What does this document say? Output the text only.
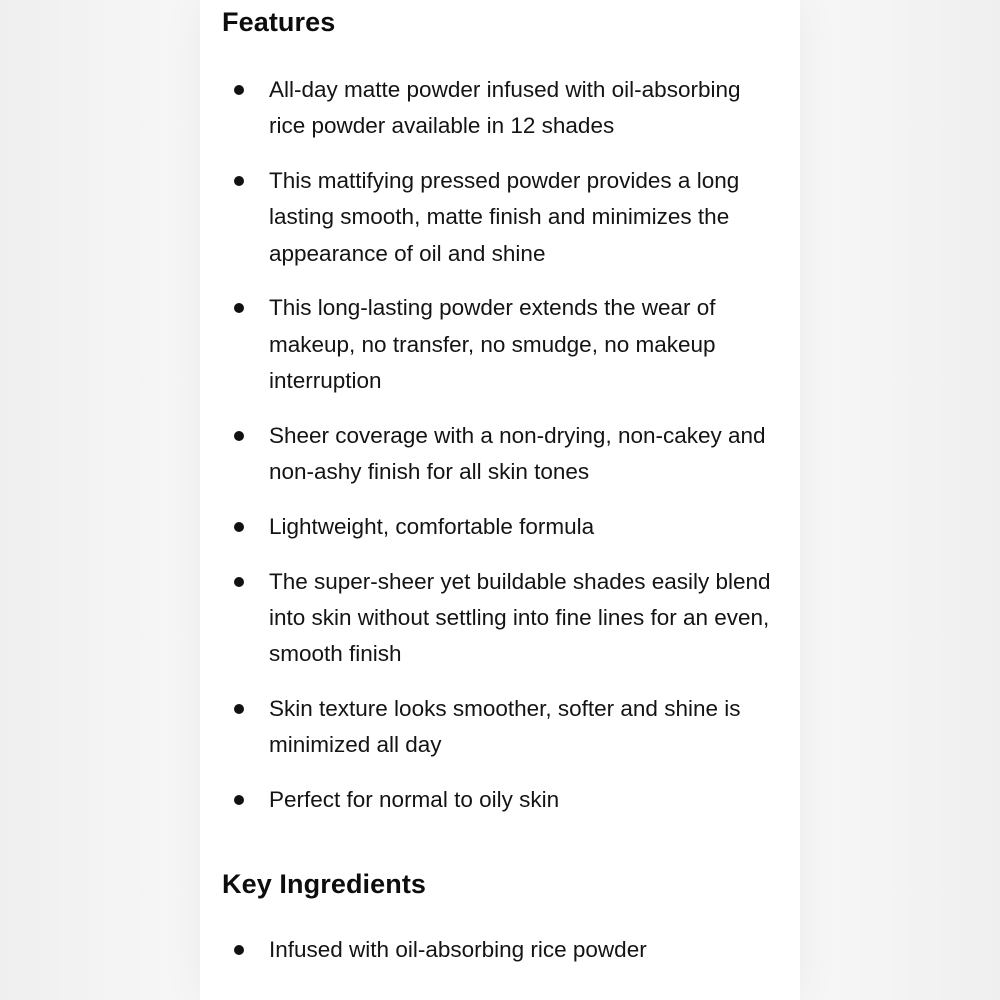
Features
All-day matte powder infused with oil-absorbing rice powder available in 12 shades
This mattifying pressed powder provides a long lasting smooth, matte finish and minimizes the appearance of oil and shine
This long-lasting powder extends the wear of makeup, no transfer, no smudge, no makeup interruption
Sheer coverage with a non-drying, non-cakey and non-ashy finish for all skin tones
Lightweight, comfortable formula
The super-sheer yet buildable shades easily blend into skin without settling into fine lines for an even, smooth finish
Skin texture looks smoother, softer and shine is minimized all day
Perfect for normal to oily skin
Key Ingredients
Infused with oil-absorbing rice powder
